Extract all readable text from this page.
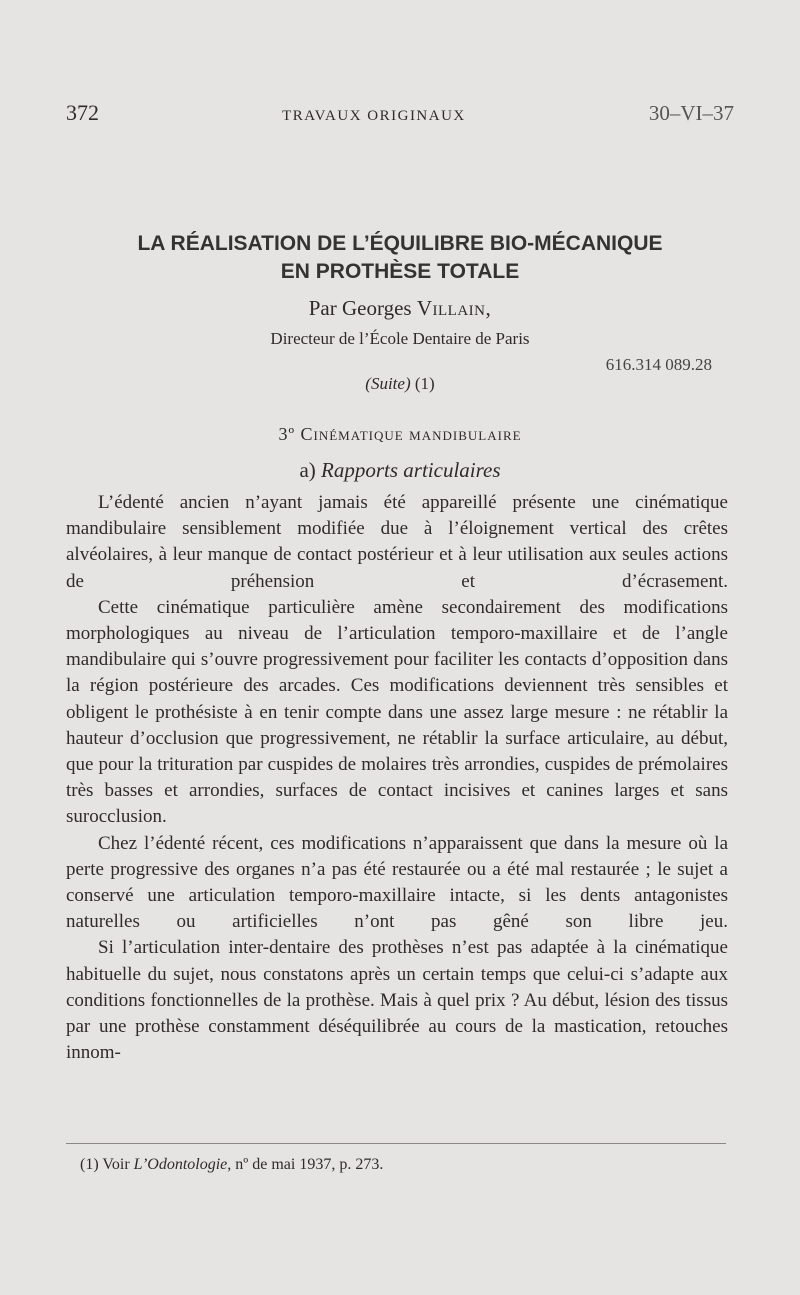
372	TRAVAUX ORIGINAUX	30–VI–37
LA RÉALISATION DE L’ÉQUILIBRE BIO-MÉCANIQUE
EN PROTHÈSE TOTALE
Par Georges Villain,
Directeur de l’École Dentaire de Paris
616.314 089.28
(Suite) (1)
3º Cinématique mandibulaire
a) Rapports articulaires

L’édenté ancien n’ayant jamais été appareillé présente une cinématique mandibulaire sensiblement modifiée due à l’éloignement vertical des crêtes alvéolaires, à leur manque de contact postérieur et à leur utilisation aux seules actions de préhension et d’écrasement.

Cette cinématique particulière amène secondairement des modifications morphologiques au niveau de l’articulation temporo-maxillaire et de l’angle mandibulaire qui s’ouvre progressivement pour faciliter les contacts d’opposition dans la région postérieure des arcades. Ces modifications deviennent très sensibles et obligent le prothésiste à en tenir compte dans une assez large mesure : ne rétablir la hauteur d’occlusion que progressivement, ne rétablir la surface articulaire, au début, que pour la trituration par cuspides de molaires très arrondies, cuspides de prémolaires très basses et arrondies, surfaces de contact incisives et canines larges et sans surocclusion.

Chez l’édenté récent, ces modifications n’apparaissent que dans la mesure où la perte progressive des organes n’a pas été restaurée ou a été mal restaurée ; le sujet a conservé une articulation temporo-maxillaire intacte, si les dents antagonistes naturelles ou artificielles n’ont pas gêné son libre jeu.

Si l’articulation inter-dentaire des prothèses n’est pas adaptée à la cinématique habituelle du sujet, nous constatons après un certain temps que celui-ci s’adapte aux conditions fonctionnelles de la prothèse. Mais à quel prix ? Au début, lésion des tissus par une prothèse constamment déséquilibrée au cours de la mastication, retouches innom-

(1) Voir L’Odontologie, nº de mai 1937, p. 273.
